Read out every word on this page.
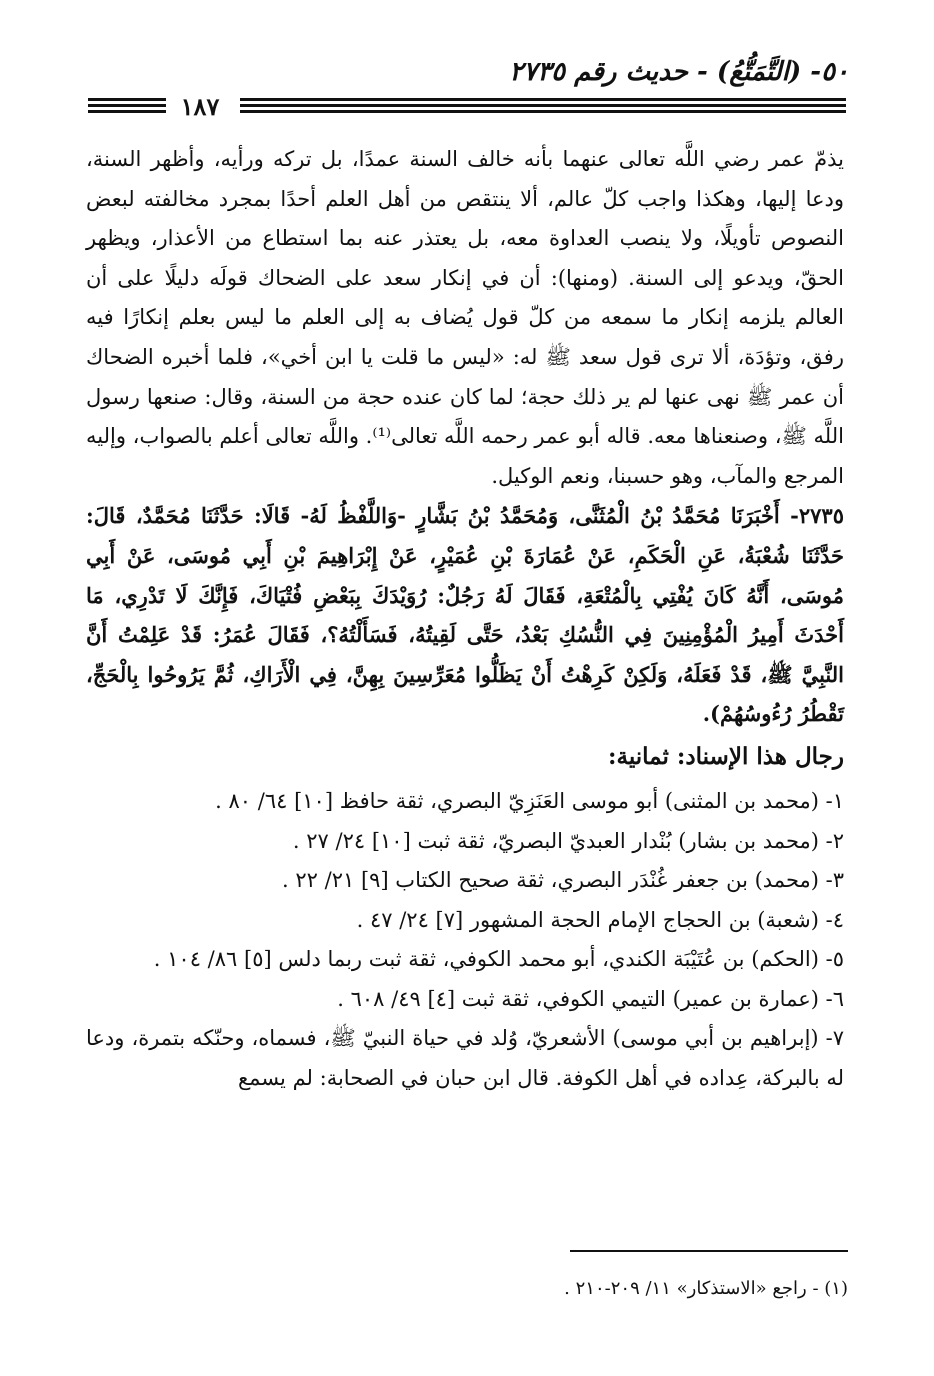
٥٠- (التَّمَتُّعُ) - حديث رقم ٢٧٣٥
١٨٧

يذمّ عمر رضي اللَّه تعالى عنهما بأنه خالف السنة عمدًا، بل تركه ورأيه، وأظهر السنة، ودعا إليها، وهكذا واجب كلّ عالم، ألا ينتقص من أهل العلم أحدًا بمجرد مخالفته لبعض النصوص تأويلًا، ولا ينصب العداوة معه، بل يعتذر عنه بما استطاع من الأعذار، ويظهر الحقّ، ويدعو إلى السنة. (ومنها): أن في إنكار سعد على الضحاك قولَه دليلًا على أن العالم يلزمه إنكار ما سمعه من كلّ قول يُضاف به إلى العلم ما ليس بعلم إنكارًا فيه رفق، وتؤدَة، ألا ترى قول سعد ﷺ له: «ليس ما قلت يا ابن أخي»، فلما أخبره الضحاك أن عمر ﷺ نهى عنها لم ير ذلك حجة؛ لما كان عنده حجة من السنة، وقال: صنعها رسول اللَّه ﷺ، وصنعناها معه. قاله أبو عمر رحمه اللَّه تعالى⁽¹⁾. واللَّه تعالى أعلم بالصواب، وإليه المرجع والمآب، وهو حسبنا، ونعم الوكيل.

٢٧٣٥- أَخْبَرَنَا مُحَمَّدُ بْنُ الْمُثَنَّى، وَمُحَمَّدُ بْنُ بَشَّارٍ -وَاللَّفْظُ لَهُ- قَالَا: حَدَّثَنَا مُحَمَّدٌ، قَالَ: حَدَّثَنَا شُعْبَةُ، عَنِ الْحَكَمِ، عَنْ عُمَارَةَ بْنِ عُمَيْرٍ، عَنْ إِبْرَاهِيمَ بْنِ أَبِي مُوسَى، عَنْ أَبِي مُوسَى، أَنَّهُ كَانَ يُفْتِي بِالْمُتْعَةِ، فَقَالَ لَهُ رَجُلٌ: رُوَيْدَكَ بِبَعْضِ فُتْيَاكَ، فَإِنَّكَ لَا تَدْرِي، مَا أَحْدَثَ أَمِيرُ الْمُؤْمِنِينَ فِي النُّسُكِ بَعْدُ، حَتَّى لَقِيتُهُ، فَسَأَلْتُهُ؟، فَقَالَ عُمَرُ: قَدْ عَلِمْتُ أَنَّ النَّبِيَّ ﷺ، قَدْ فَعَلَهُ، وَلَكِنْ كَرِهْتُ أَنْ يَظَلُّوا مُعَرِّسِينَ بِهِنَّ، فِي الْأَرَاكِ، ثُمَّ يَرُوحُوا بِالْحَجِّ، تَقْطُرُ رُءُوسُهُمْ).

رجال هذا الإسناد: ثمانية:
١- (محمد بن المثنى) أبو موسى العَنَزِيّ البصري، ثقة حافظ [١٠] ٦٤/ ٨٠ .
٢- (محمد بن بشار) بُنْدار العبديّ البصريّ، ثقة ثبت [١٠] ٢٤/ ٢٧ .
٣- (محمد) بن جعفر غُنْدَر البصري، ثقة صحيح الكتاب [٩] ٢١/ ٢٢ .
٤- (شعبة) بن الحجاج الإمام الحجة المشهور [٧] ٢٤/ ٤٧ .
٥- (الحكم) بن عُتَيْبَة الكندي، أبو محمد الكوفي، ثقة ثبت ربما دلس [٥] ٨٦/ ١٠٤ .
٦- (عمارة بن عمير) التيمي الكوفي، ثقة ثبت [٤] ٤٩/ ٦٠٨ .
٧- (إبراهيم بن أبي موسى) الأشعريّ، وُلد في حياة النبيّ ﷺ، فسماه، وحنّكه بتمرة، ودعا له بالبركة، عِداده في أهل الكوفة. قال ابن حبان في الصحابة: لم يسمع
(١) - راجع «الاستذكار» ١١/ ٢٠٩-٢١٠ .
